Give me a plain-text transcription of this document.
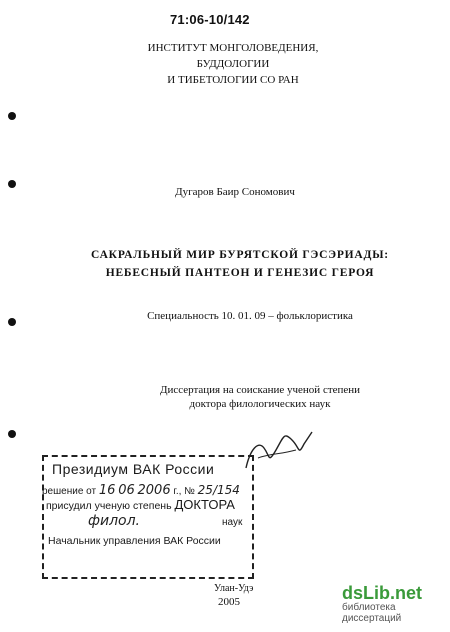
71:06-10/142
ИНСТИТУТ МОНГОЛОВЕДЕНИЯ, БУДДОЛОГИИ
И ТИБЕТОЛОГИИ СО РАН
Дугаров Баир Сономович
САКРАЛЬНЫЙ МИР БУРЯТСКОЙ ГЭСЭРИАДЫ:
НЕБЕСНЫЙ ПАНТЕОН И ГЕНЕЗИС ГЕРОЯ
Специальность 10. 01. 09 – фольклористика
Диссертация на соискание ученой степени
доктора филологических наук
Президиум ВАК России
решение от 16 06 2006 г., № 25/154
присудил ученую степень ДОКТОРА
филол.	наук
Начальник управления ВАК России
Улан-Удэ
2005	dsLib.net
библиотека диссертаций
